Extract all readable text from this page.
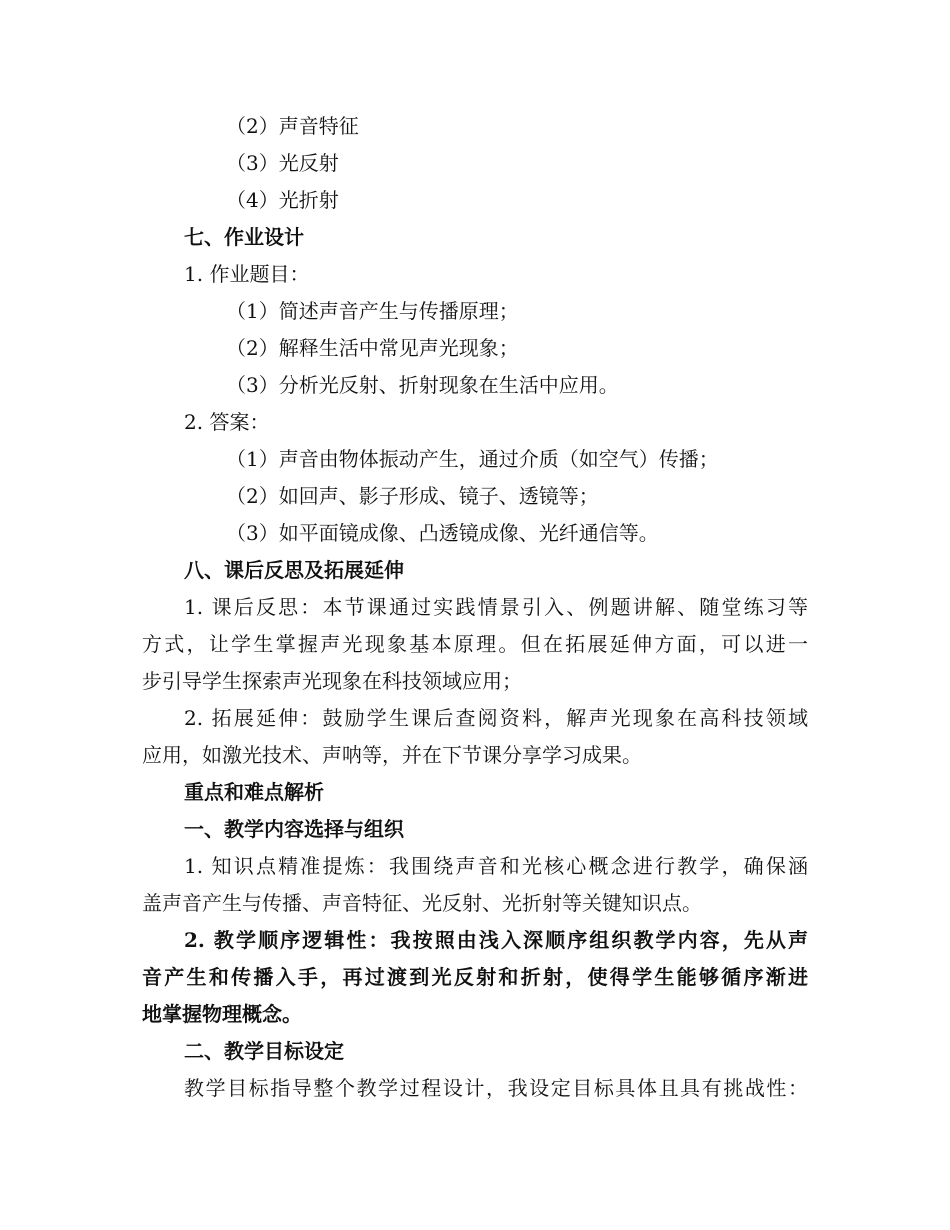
（2）声音特征
（3）光反射
（4）光折射
七、作业设计
1. 作业题目：
（1）简述声音产生与传播原理；
（2）解释生活中常见声光现象；
（3）分析光反射、折射现象在生活中应用。
2. 答案：
（1）声音由物体振动产生，通过介质（如空气）传播；
（2）如回声、影子形成、镜子、透镜等；
（3）如平面镜成像、凸透镜成像、光纤通信等。
八、课后反思及拓展延伸
1. 课后反思：本节课通过实践情景引入、例题讲解、随堂练习等
方式，让学生掌握声光现象基本原理。但在拓展延伸方面，可以进一
步引导学生探索声光现象在科技领域应用；
2. 拓展延伸：鼓励学生课后查阅资料，解声光现象在高科技领域
应用，如激光技术、声呐等，并在下节课分享学习成果。
重点和难点解析
一、教学内容选择与组织
1. 知识点精准提炼：我围绕声音和光核心概念进行教学，确保涵
盖声音产生与传播、声音特征、光反射、光折射等关键知识点。
2. 教学顺序逻辑性：我按照由浅入深顺序组织教学内容，先从声
音产生和传播入手，再过渡到光反射和折射，使得学生能够循序渐进
地掌握物理概念。
二、教学目标设定
教学目标指导整个教学过程设计，我设定目标具体且具有挑战性：
